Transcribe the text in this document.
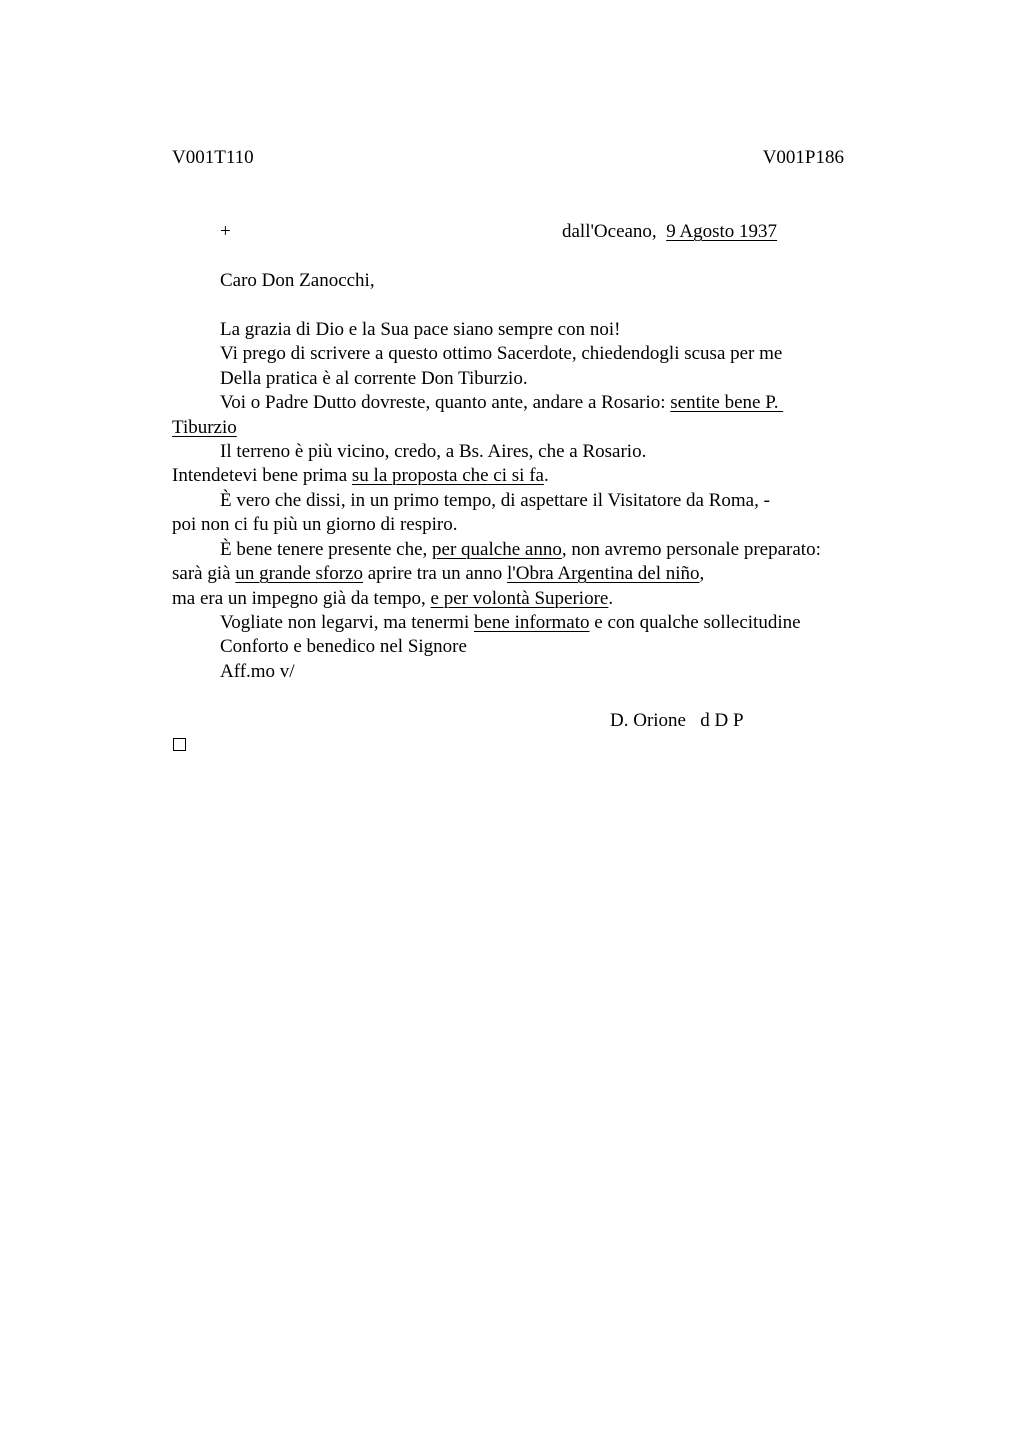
V001T110	V001P186
+	dall'Oceano, 9 Agosto 1937
Caro Don Zanocchi,
La grazia di Dio e la Sua pace siano sempre con noi!
Vi prego di scrivere a questo ottimo Sacerdote, chiedendogli scusa per me
Della pratica è al corrente Don Tiburzio.
Voi o Padre Dutto dovreste, quanto ante, andare a Rosario: sentite bene P.
Tiburzio
Il terreno è più vicino, credo, a Bs. Aires, che a Rosario.
Intendetevi bene prima su la proposta che ci si fa.
È vero che dissi, in un primo tempo, di aspettare il Visitatore da Roma, -
poi non ci fu più un giorno di respiro.
È bene tenere presente che, per qualche anno, non avremo personale preparato:
sarà già un grande sforzo aprire tra un anno l'Obra Argentina del niño,
ma era un impegno già da tempo, e per volontà Superiore.
Vogliate non legarvi, ma tenermi bene informato e con qualche sollecitudine
Conforto e benedico nel Signore
Aff.mo v/
D. Orione   d D P
